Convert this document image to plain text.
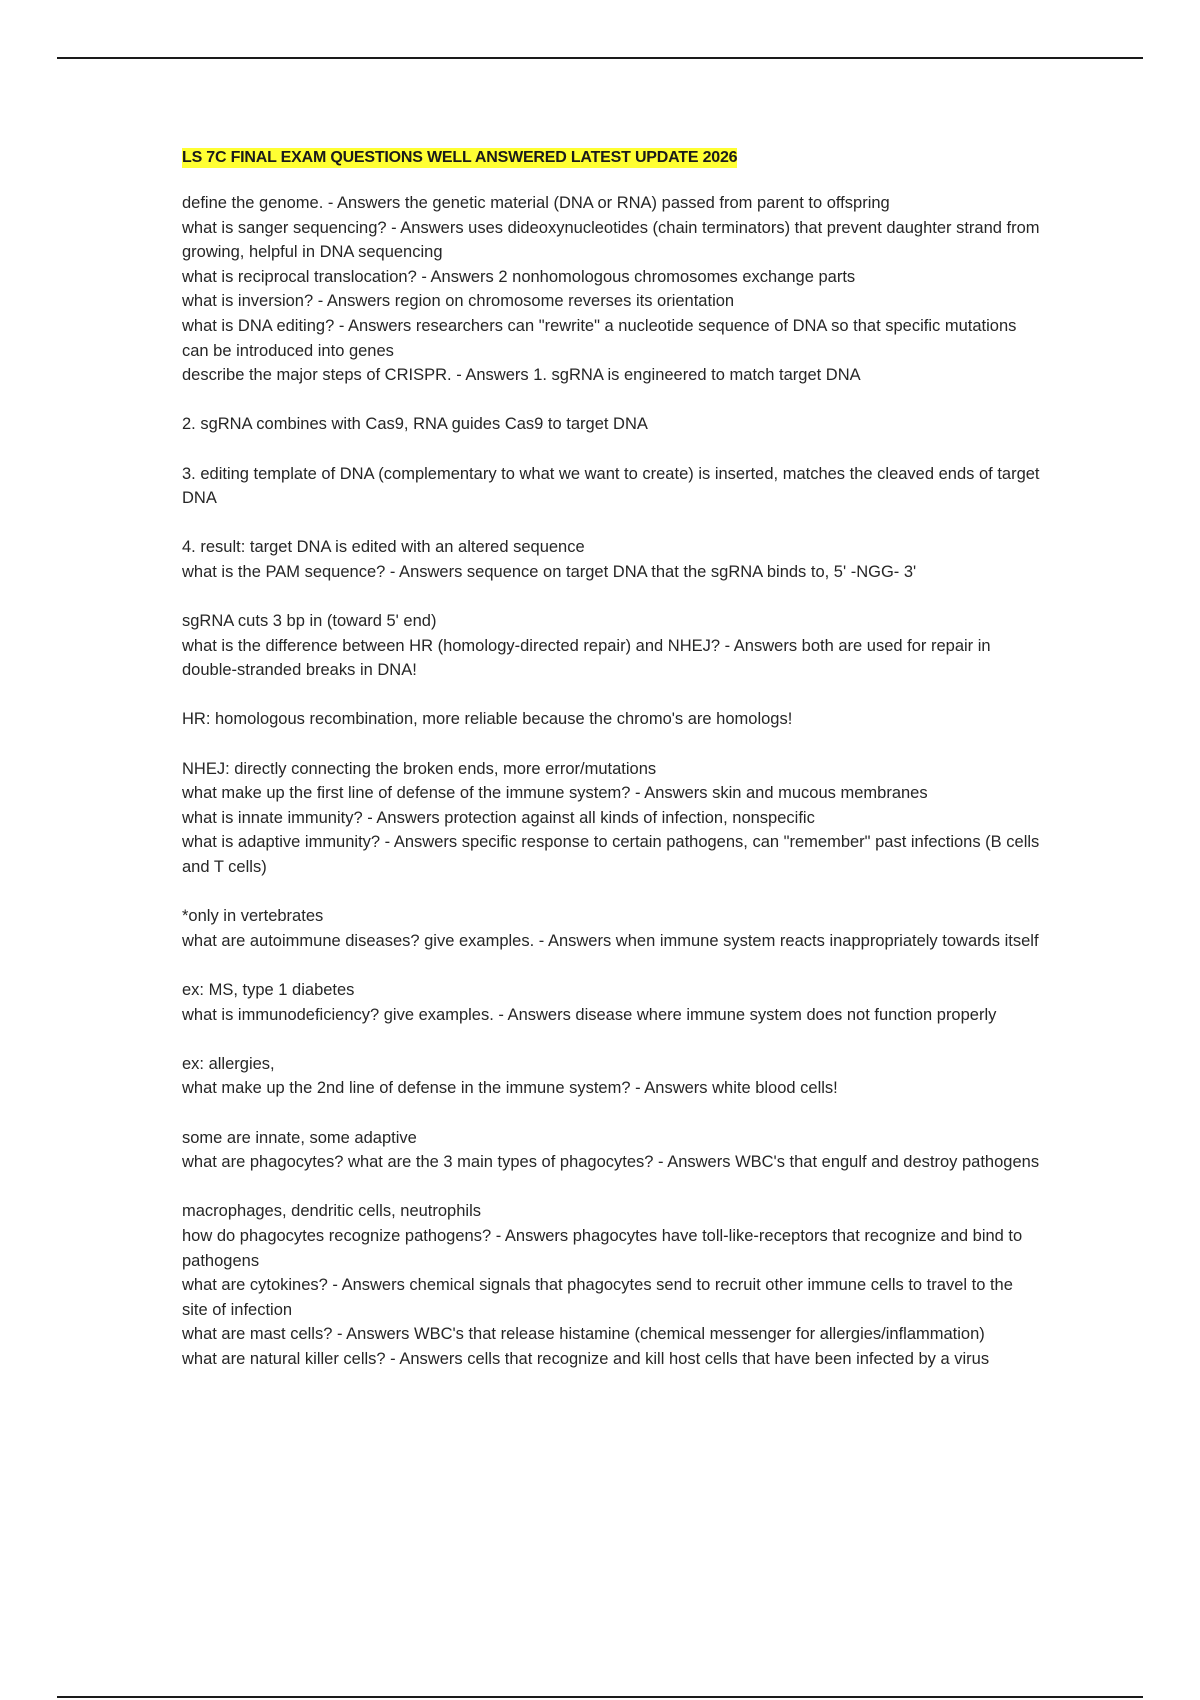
LS 7C FINAL EXAM QUESTIONS WELL ANSWERED LATEST UPDATE 2026
define the genome. - Answers the genetic material (DNA or RNA) passed from parent to offspring
what is sanger sequencing? - Answers uses dideoxynucleotides (chain terminators) that prevent daughter strand from growing, helpful in DNA sequencing
what is reciprocal translocation? - Answers 2 nonhomologous chromosomes exchange parts
what is inversion? - Answers region on chromosome reverses its orientation
what is DNA editing? - Answers researchers can "rewrite" a nucleotide sequence of DNA so that specific mutations can be introduced into genes
describe the major steps of CRISPR. - Answers 1. sgRNA is engineered to match target DNA
2. sgRNA combines with Cas9, RNA guides Cas9 to target DNA
3. editing template of DNA (complementary to what we want to create) is inserted, matches the cleaved ends of target DNA
4. result: target DNA is edited with an altered sequence
what is the PAM sequence? - Answers sequence on target DNA that the sgRNA binds to, 5' -NGG- 3'
sgRNA cuts 3 bp in (toward 5' end)
what is the difference between HR (homology-directed repair) and NHEJ? - Answers both are used for repair in double-stranded breaks in DNA!
HR: homologous recombination, more reliable because the chromo's are homologs!
NHEJ: directly connecting the broken ends, more error/mutations
what make up the first line of defense of the immune system? - Answers skin and mucous membranes
what is innate immunity? - Answers protection against all kinds of infection, nonspecific
what is adaptive immunity? - Answers specific response to certain pathogens, can "remember" past infections (B cells and T cells)
*only in vertebrates
what are autoimmune diseases? give examples. - Answers when immune system reacts inappropriately towards itself
ex: MS, type 1 diabetes
what is immunodeficiency? give examples. - Answers disease where immune system does not function properly
ex: allergies,
what make up the 2nd line of defense in the immune system? - Answers white blood cells!
some are innate, some adaptive
what are phagocytes? what are the 3 main types of phagocytes? - Answers WBC's that engulf and destroy pathogens
macrophages, dendritic cells, neutrophils
how do phagocytes recognize pathogens? - Answers phagocytes have toll-like-receptors that recognize and bind to pathogens
what are cytokines? - Answers chemical signals that phagocytes send to recruit other immune cells to travel to the site of infection
what are mast cells? - Answers WBC's that release histamine (chemical messenger for allergies/inflammation)
what are natural killer cells? - Answers cells that recognize and kill host cells that have been infected by a virus
